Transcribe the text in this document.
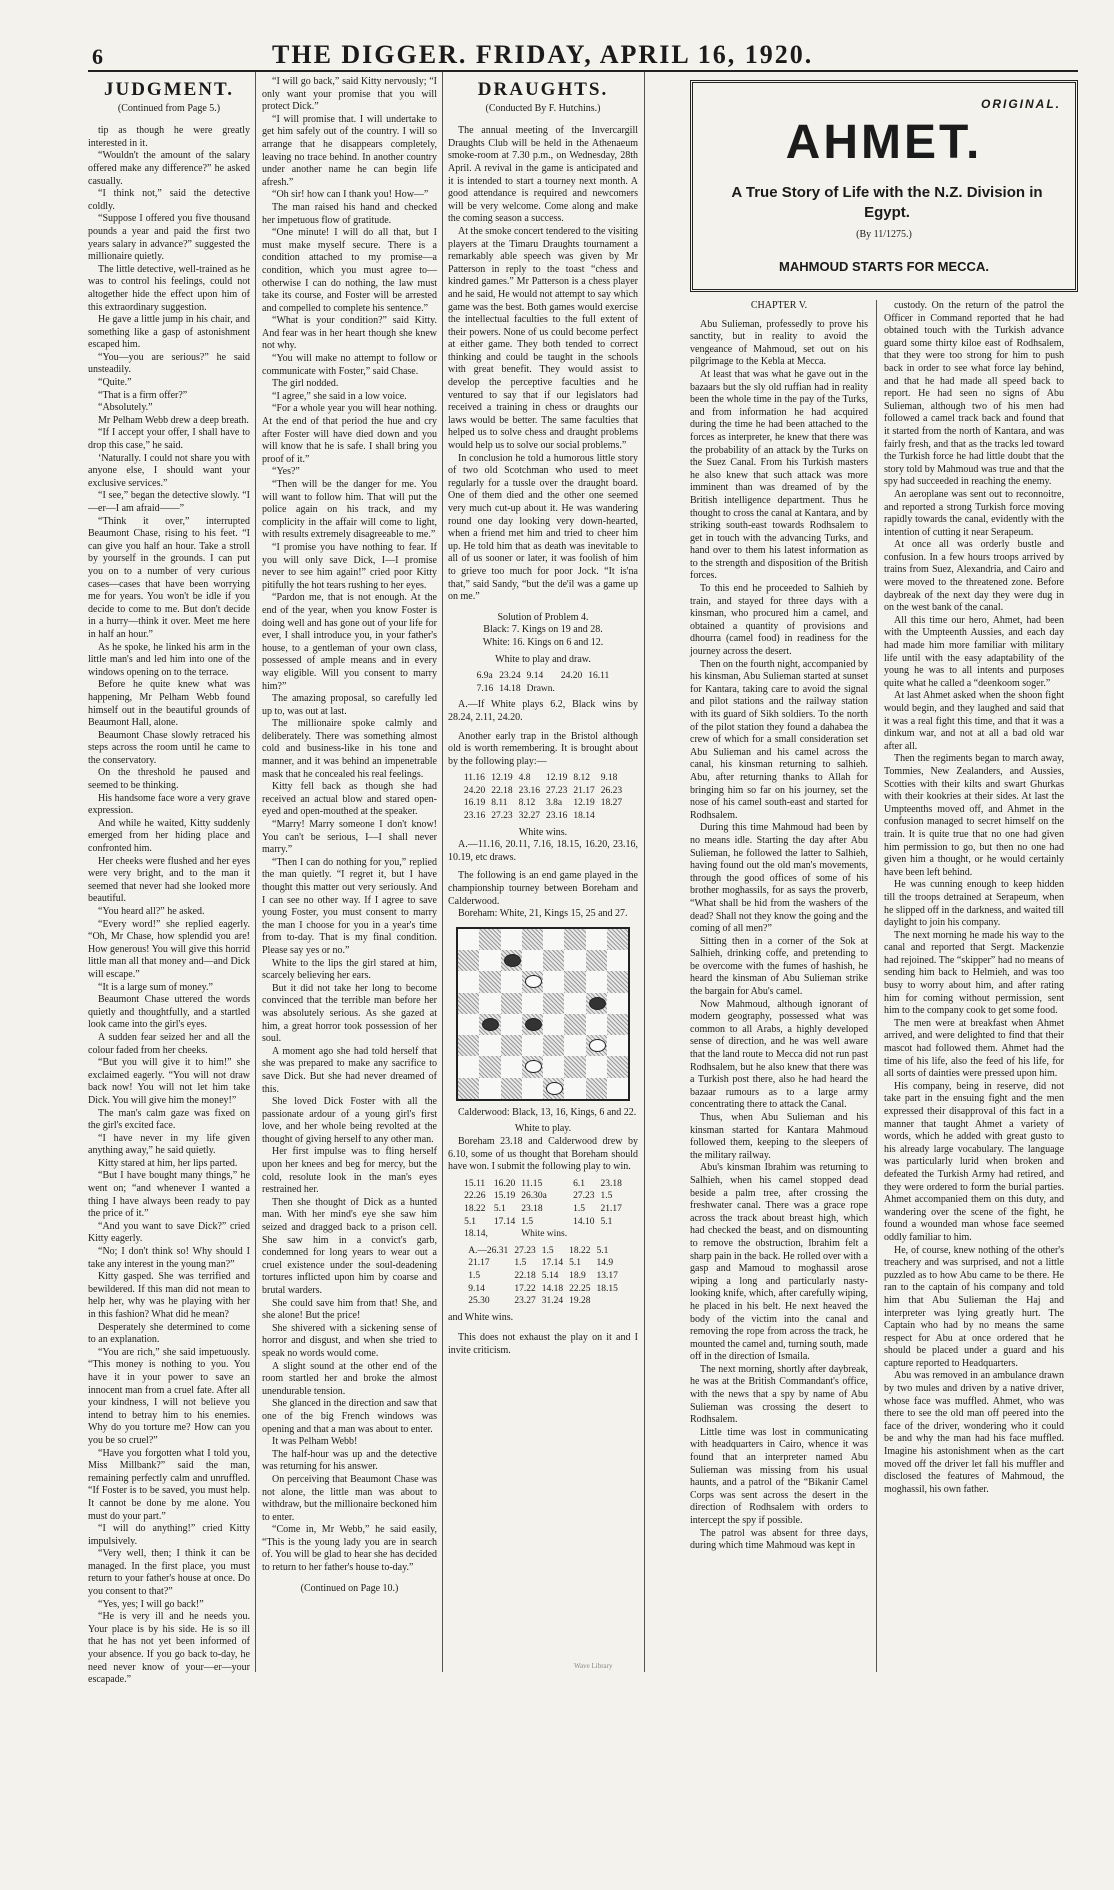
6	THE DIGGER. FRIDAY, APRIL 16, 1920.
JUDGMENT.
(Continued from Page 5.)

tip as though he were greatly interested in it.

“Wouldn't the amount of the salary offered make any difference?” he asked casually.

“I think not,” said the detective coldly.

“Suppose I offered you five thousand pounds a year and paid the first two years salary in advance?” suggested the millionaire quietly.

The little detective, well-trained as he was to control his feelings, could not altogether hide the effect upon him of this extraordinary suggestion.

He gave a little jump in his chair, and something like a gasp of astonishment escaped him.

“You—you are serious?” he said unsteadily.

“Quite.”

“That is a firm offer?”

“Absolutely.”

Mr Pelham Webb drew a deep breath.

“If I accept your offer, I shall have to drop this case,” he said.

‘Naturally. I could not share you with anyone else, I should want your exclusive services.”

“I see,” began the detective slowly. “I —er—I am afraid——”

“Think it over,” interrupted Beaumont Chase, rising to his feet. “I can give you half an hour. Take a stroll by yourself in the grounds. I can put you on to a number of very curious cases—cases that have been worrying me for years. You won't be idle if you decide to come to me. But don't decide in a hurry—think it over. Meet me here in half an hour.”

As he spoke, he linked his arm in the little man's and led him into one of the windows opening on to the terrace.

Before he quite knew what was happening, Mr Pelham Webb found himself out in the beautiful grounds of Beaumont Hall, alone.

Beaumont Chase slowly retraced his steps across the room until he came to the conservatory.

On the threshold he paused and seemed to be thinking.

His handsome face wore a very grave expression.

And while he waited, Kitty suddenly emerged from her hiding place and confronted him.

Her cheeks were flushed and her eyes were very bright, and to the man it seemed that never had she looked more beautiful.

“You heard all?” he asked.

“Every word!” she replied eagerly. “Oh, Mr Chase, how splendid you are! How generous! You will give this horrid little man all that money and—and Dick will escape.”

“It is a large sum of money.”

Beaumont Chase uttered the words quietly and thoughtfully, and a startled look came into the girl's eyes.

A sudden fear seized her and all the colour faded from her cheeks.

“But you will give it to him!” she exclaimed eagerly. “You will not draw back now! You will not let him take Dick. You will give him the money!”

The man's calm gaze was fixed on the girl's excited face.

“I have never in my life given anything away,” he said quietly.

Kitty stared at him, her lips parted.

“But I have bought many things,” he went on; “and whenever I wanted a thing I have always been ready to pay the price of it.”

“And you want to save Dick?” cried Kitty eagerly.

“No; I don't think so! Why should I take any interest in the young man?”

Kitty gasped. She was terrified and bewildered. If this man did not mean to help her, why was he playing with her in this fashion? What did he mean?

Desperately she determined to come to an explanation.

“You are rich,” she said impetuously. “This money is nothing to you. You have it in your power to save an innocent man from a cruel fate. After all your kindness, I will not believe you intend to betray him to his enemies. Why do you torture me? How can you you be so cruel?”

“Have you forgotten what I told you, Miss Millbank?” said the man, remaining perfectly calm and unruffled. “If Foster is to be saved, you must help. It cannot be done by me alone. You must do your part.”

“I will do anything!” cried Kitty impulsively.

“Very well, then; I think it can be managed. In the first place, you must return to your father's house at once. Do you consent to that?”

“Yes, yes; I will go back!”

“He is very ill and he needs you. Your place is by his side. He is so ill that he has not yet been informed of your absence. If you go back to-day, he need never know of your—er—your escapade.”

“I will go back,” said Kitty nervously; “I only want your promise that you will protect Dick.”

“I will promise that. I will undertake to get him safely out of the country. I will so arrange that he disappears completely, leaving no trace behind. In another country under another name he can begin life afresh.”

“Oh sir! how can I thank you! How—”

The man raised his hand and checked her impetuous flow of gratitude.

“One minute! I will do all that, but I must make myself secure. There is a condition attached to my promise—a condition, which you must agree to—otherwise I can do nothing, the law must take its course, and Foster will be arrested and compelled to complete his sentence.”

“What is your condition?” said Kitty. And fear was in her heart though she knew not why.

“You will make no attempt to follow or communicate with Foster,” said Chase.

The girl nodded.

“I agree,” she said in a low voice.

“For a whole year you will hear nothing. At the end of that period the hue and cry after Foster will have died down and you will know that he is safe. I shall bring you proof of it.”

“Yes?”

“Then will be the danger for me. You will want to follow him. That will put the police again on his track, and my complicity in the affair will come to light, with results extremely disagreeable to me.”

“I promise you have nothing to fear. If you will only save Dick, I—I promise never to see him again!” cried poor Kitty pitifully the hot tears rushing to her eyes.

“Pardon me, that is not enough. At the end of the year, when you know Foster is doing well and has gone out of your life for ever, I shall introduce you, in your father's house, to a gentleman of your own class, possessed of ample means and in every way eligible. Will you consent to marry him?”

The amazing proposal, so carefully led up to, was out at last.

The millionaire spoke calmly and deliberately. There was something almost cold and business-like in his tone and manner, and it was behind an impenetrable mask that he concealed his real feelings.

Kitty fell back as though she had received an actual blow and stared open-eyed and open-mouthed at the speaker.

“Marry! Marry someone I don't know! You can't be serious, I—I shall never marry.”

“Then I can do nothing for you,” replied the man quietly. “I regret it, but I have thought this matter out very seriously. And I can see no other way. If I agree to save young Foster, you must consent to marry the man I choose for you in a year's time from to-day. That is my final condition. Please say yes or no.”

White to the lips the girl stared at him, scarcely believing her ears.

But it did not take her long to become convinced that the terrible man before her was absolutely serious. As she gazed at him, a great horror took possession of her soul.

A moment ago she had told herself that she was prepared to make any sacrifice to save Dick. But she had never dreamed of this.

She loved Dick Foster with all the passionate ardour of a young girl's first love, and her whole being revolted at the thought of giving herself to any other man.

Her first impulse was to fling herself upon her knees and beg for mercy, but the cold, resolute look in the man's eyes restrained her.

Then she thought of Dick as a hunted man. With her mind's eye she saw him seized and dragged back to a prison cell. She saw him in a convict's garb, condemned for long years to wear out a cruel existence under the soul-deadening tortures inflicted upon him by coarse and brutal warders.

She could save him from that! She, and she alone! But the price!

She shivered with a sickening sense of horror and disgust, and when she tried to speak no words would come.

A slight sound at the other end of the room startled her and broke the almost unendurable tension.

She glanced in the direction and saw that one of the big French windows was opening and that a man was about to enter.

It was Pelham Webb!

The half-hour was up and the detective was returning for his answer.

On perceiving that Beaumont Chase was not alone, the little man was about to withdraw, but the millionaire beckoned him to enter.

“Come in, Mr Webb,” he said easily, “This is the young lady you are in search of. You will be glad to hear she has decided to return to her father's house to-day.”

(Continued on Page 10.)
DRAUGHTS.
(Conducted By F. Hutchins.)

The annual meeting of the Invercargill Draughts Club will be held in the Athenaeum smoke-room at 7.30 p.m., on Wednesday, 28th April. A revival in the game is anticipated and it is intended to start a tourney next month. A good attendance is required and newcomers will be very welcome. Come along and make the coming season a success.

At the smoke concert tendered to the visiting players at the Timaru Draughts tournament a remarkably able speech was given by Mr Patterson in reply to the toast “chess and kindred games.” Mr Patterson is a chess player and he said, He would not attempt to say which game was the best. Both games would exercise the intellectual faculties to the full extent of their powers. None of us could become perfect at either game. They both tended to correct thinking and could be taught in the schools with great benefit. They would assist to develop the perceptive faculties and he ventured to say that if our legislators had received a training in chess or draughts our laws would be better. The same faculties that helped us to solve chess and draught problems would help us to solve our social problems.”

In conclusion he told a humorous little story of two old Scotchman who used to meet regularly for a tussle over the draught board. One of them died and the other one seemed very much cut-up about it. He was wandering round one day looking very down-hearted, when a friend met him and tried to cheer him up. He told him that as death was inevitable to all of us sooner or later, it was foolish of him to grieve too much for poor Jock. “It is'na that,” said Sandy, “but the de'il was a game up on me.”

Solution of Problem 4.

Black: 7. Kings on 19 and 28.

White: 16. Kings on 6 and 12.

White to play and draw.

6.9a	23.24	9.14	24.20	16.11
7.16	14.18	Drawn.		

A.—If White plays 6.2, Black wins by 28.24, 2.11, 24.20.

Another early trap in the Bristol although old is worth remembering. It is brought about by the following play:—

11.16	12.19	4.8	12.19	8.12	9.18
24.20	22.18	23.16	27.23	21.17	26.23
16.19	8.11	8.12	3.8a	12.19	18.27
23.16	27.23	32.27	23.16	18.14	

White wins.

A.—11.16, 20.11, 7.16, 18.15, 16.20, 23.16, 10.19, etc draws.

The following is an end game played in the championship tourney between Boreham and Calderwood.

Boreham: White, 21, Kings 15, 25 and 27.

Calderwood: Black, 13, 16, Kings, 6 and 22.

White to play.

Boreham 23.18 and Calderwood drew by 6.10, some of us thought that Boreham should have won. I submit the following play to win.

15.11	16.20	11.15	6.1	23.18
22.26	15.19	26.30a	27.23	1.5
18.22	5.1	23.18	1.5	21.17
5.1	17.14	1.5	14.10	5.1
18.14,		White wins.		
A.—26.31	27.23	1.5	18.22	5.1
21.17	1.5	17.14	5.1	14.9
1.5	22.18	5.14	18.9	13.17
9.14	17.22	14.18	22.25	18.15
25.30	23.27	31.24	19.28	

and White wins.

This does not exhaust the play on it and I invite criticism.

ORIGINAL.
AHMET.
A True Story of Life with the N.Z. Division in Egypt.
(By 11/1275.)
MAHMOUD STARTS FOR MECCA.
CHAPTER V.

Abu Sulieman, professedly to prove his sanctity, but in reality to avoid the vengeance of Mahmoud, set out on his pilgrimage to the Kebla at Mecca.

At least that was what he gave out in the bazaars but the sly old ruffian had in reality been the whole time in the pay of the Turks, and from information he had acquired during the time he had been attached to the forces as interpreter, he knew that there was the probability of an attack by the Turks on the Suez Canal. From his Turkish masters he also knew that such attack was more imminent than was dreamed of by the British intelligence department. Thus he thought to cross the canal at Kantara, and by striking south-east towards Rodhsalem to get in touch with the advancing Turks, and hand over to them his latest information as to the strength and disposition of the British forces.

To this end he proceeded to Salhieh by train, and stayed for three days with a kinsman, who procured him a camel, and obtained a quantity of provisions and dhourra (camel food) in readiness for the journey across the desert.

Then on the fourth night, accompanied by his kinsman, Abu Sulieman started at sunset for Kantara, taking care to avoid the signal and pilot stations and the railway station with its guard of Sikh soldiers. To the north of the pilot station they found a dahabea the crew of which for a small consideration set Abu Sulieman and his camel across the canal, his kinsman returning to salhieh. Abu, after returning thanks to Allah for bringing him so far on his journey, set the nose of his camel south-east and started for Rodhsalem.

During this time Mahmoud had been by no means idle. Starting the day after Abu Sulieman, he followed the latter to Salhieh, having found out the old man's movements, through the good offices of some of his brother moghassils, for as says the proverb, “What shall be hid from the washers of the dead? Shall not they know the going and the coming of all men?”

Sitting then in a corner of the Sok at Salhieh, drinking coffe, and pretending to be overcome with the fumes of hashish, he heard the kinsman of Abu Sulieman strike the bargain for Abu's camel.

Now Mahmoud, although ignorant of modern geography, possessed what was common to all Arabs, a highly developed sense of direction, and he was well aware that the land route to Mecca did not run past Rodhsalem, but he also knew that there was a Turkish post there, also he had heard the bazaar rumours as to a large army concentrating there to attack the Canal.

Thus, when Abu Sulieman and his kinsman started for Kantara Mahmoud followed them, keeping to the sleepers of the military railway.

Abu's kinsman Ibrahim was returning to Salhieh, when his camel stopped dead beside a palm tree, after crossing the freshwater canal. There was a grace rope across the track about breast high, which had checked the beast, and on dismounting to remove the obstruction, Ibrahim felt a sharp pain in the back. He rolled over with a gasp and Mamoud to moghassil arose wiping a long and particularly nasty-looking knife, which, after carefully wiping, he placed in his belt. He next heaved the body of the victim into the canal and removing the rope from across the track, he mounted the camel and, turning south, made off in the direction of Ismaila.

The next morning, shortly after daybreak, he was at the British Commandant's office, with the news that a spy by name of Abu Sulieman was crossing the desert to Rodhsalem.

Little time was lost in communicating with headquarters in Cairo, whence it was found that an interpreter named Abu Sulieman was missing from his usual haunts, and a patrol of the “Bikanir Camel Corps was sent across the desert in the direction of Rodhsalem with orders to intercept the spy if possible.

The patrol was absent for three days, during which time Mahmoud was kept in

custody. On the return of the patrol the Officer in Command reported that he had obtained touch with the Turkish advance guard some thirty kiloe east of Rodhsalem, that they were too strong for him to push back in order to see what force lay behind, and that he had made all speed back to report. He had seen no signs of Abu Sulieman, although two of his men had followed a camel track back and found that it started from the north of Kantara, and was fairly fresh, and that as the tracks led toward the Turkish force he had little doubt that the story told by Mahmoud was true and that the spy had succeeded in reaching the enemy.

An aeroplane was sent out to reconnoitre, and reported a strong Turkish force moving rapidly towards the canal, evidently with the intention of cutting it near Serapeum.

At once all was orderly bustle and confusion. In a few hours troops arrived by trains from Suez, Alexandria, and Cairo and were moved to the threatened zone. Before daybreak of the next day they were dug in on the west bank of the canal.

All this time our hero, Ahmet, had been with the Umpteenth Aussies, and each day had made him more familiar with military life until with the easy adaptability of the young he was to all intents and purposes quite what he called a “deenkoom soger.”

At last Ahmet asked when the shoon fight would begin, and they laughed and said that it was a real fight this time, and that it was a dinkum war, and not at all a bad old war after all.

Then the regiments began to march away, Tommies, New Zealanders, and Aussies, Scotties with their kilts and swart Ghurkas with their kookries at their sides. At last the Umpteenths moved off, and Ahmet in the confusion managed to secret himself on the train. It is quite true that no one had given him permission to go, but then no one had given him a thought, or he would certainly have been left behind.

He was cunning enough to keep hidden till the troops detrained at Serapeum, when he slipped off in the darkness, and waited till daylight to join his company.

The next morning he made his way to the canal and reported that Sergt. Mackenzie had rejoined. The “skipper” had no means of sending him back to Helmieh, and was too busy to worry about him, and after rating him for coming without permission, sent him to the company cook to get some food.

The men were at breakfast when Ahmet arrived, and were delighted to find that their mascot had followed them. Ahmet had the time of his life, also the feed of his life, for all sorts of dainties were pressed upon him.

His company, being in reserve, did not take part in the ensuing fight and the men expressed their disapproval of this fact in a manner that taught Ahmet a variety of words, which he added with great gusto to his already large vocabulary. The language was particularly lurid when broken and defeated the Turkish Army had retired, and they were ordered to form the burial parties. Ahmet accompanied them on this duty, and wandering over the scene of the fight, he found a wounded man whose face seemed oddly familiar to him.

He, of course, knew nothing of the other's treachery and was surprised, and not a little puzzled as to how Abu came to be there. He ran to the captain of his company and told him that Abu Sulieman the Haj and interpreter was lying greatly hurt. The Captain who had by no means the same respect for Abu at once ordered that he should be placed under a guard and his capture reported to Headquarters.

Abu was removed in an ambulance drawn by two mules and driven by a native driver, whose face was muffled. Ahmet, who was there to see the old man off peered into the face of the driver, wondering who it could be and why the man had his face muffled. Imagine his astonishment when as the cart moved off the driver let fall his muffler and disclosed the features of Mahmoud, the moghassil, his own father.

Wave Library
